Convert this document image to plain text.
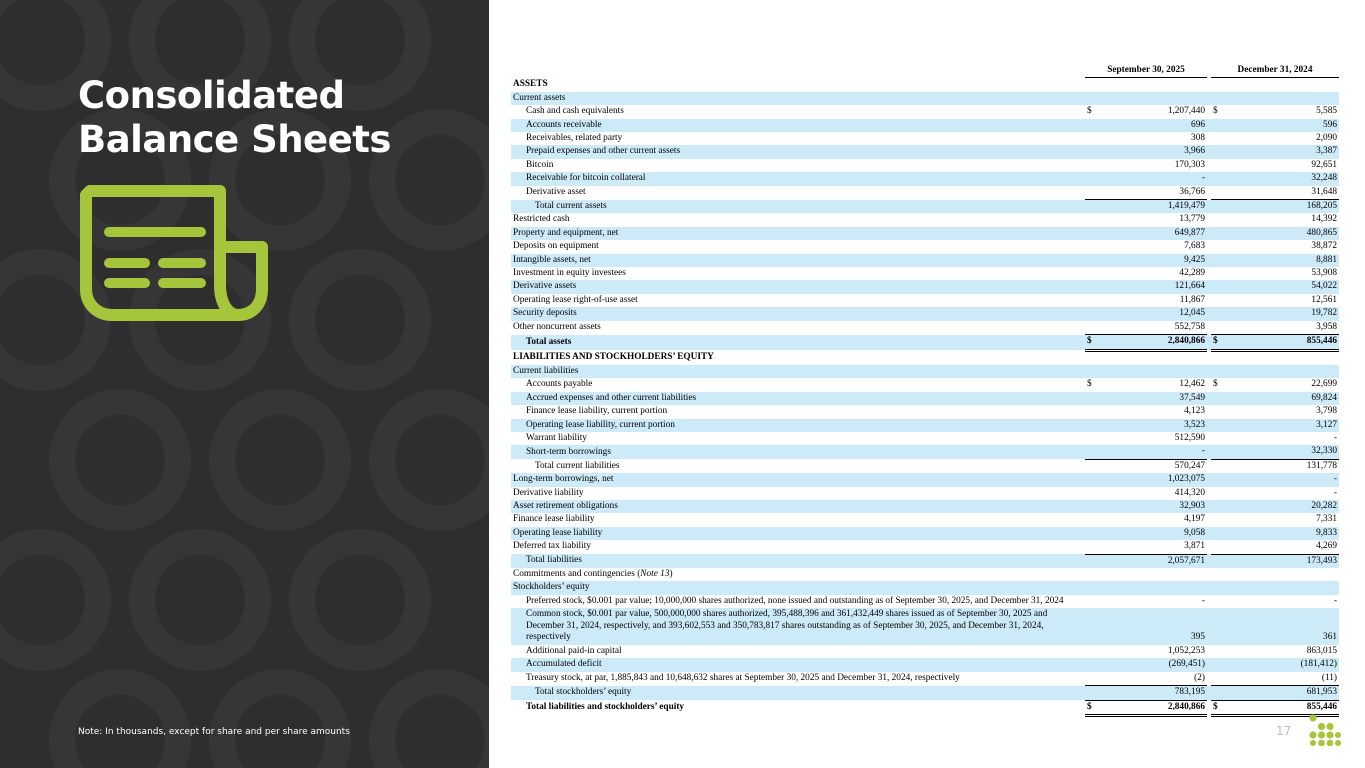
Consolidated
Balance Sheets
Note: In thousands, except for share and per share amounts
	September 30, 2025			December 31, 2024	
ASSETS					
Current assets					
Cash and cash equivalents	$	1,207,440		$	5,585
Accounts receivable		696			596
Receivables, related party		308			2,090
Prepaid expenses and other current assets		3,966			3,387
Bitcoin		170,303			92,651
Receivable for bitcoin collateral		-			32,248
Derivative asset		36,766			31,648
Total current assets		1,419,479			168,205
Restricted cash		13,779			14,392
Property and equipment, net		649,877			480,865
Deposits on equipment		7,683			38,872
Intangible assets, net		9,425			8,881
Investment in equity investees		42,289			53,908
Derivative assets		121,664			54,022
Operating lease right-of-use asset		11,867			12,561
Security deposits		12,045			19,782
Other noncurrent assets		552,758			3,958
Total assets	$	2,840,866		$	855,446
LIABILITIES AND STOCKHOLDERS’ EQUITY					
Current liabilities					
Accounts payable	$	12,462		$	22,699
Accrued expenses and other current liabilities		37,549			69,824
Finance lease liability, current portion		4,123			3,798
Operating lease liability, current portion		3,523			3,127
Warrant liability		512,590			-
Short-term borrowings		-			32,330
Total current liabilities		570,247			131,778
Long-term borrowings, net		1,023,075			-
Derivative liability		414,320			-
Asset retirement obligations		32,903			20,282
Finance lease liability		4,197			7,331
Operating lease liability		9,058			9,833
Deferred tax liability		3,871			4,269
Total liabilities		2,057,671			173,493
Commitments and contingencies (Note 13)					
Stockholders’ equity					
Preferred stock, $0.001 par value; 10,000,000 shares authorized, none issued and outstanding as of September 30, 2025, and December 31, 2024		-			-
Common stock, $0.001 par value, 500,000,000 shares authorized, 395,488,396 and 361,432,449 shares issued as of September 30, 2025 and December 31, 2024, respectively, and 393,602,553 and 350,783,817 shares outstanding as of September 30, 2025, and December 31, 2024, respectively		395			361
Additional paid-in capital		1,052,253			863,015
Accumulated deficit		(269,451)			(181,412)
Treasury stock, at par, 1,885,843 and 10,648,632 shares at September 30, 2025 and December 31, 2024, respectively		(2)			(11)
Total stockholders’ equity		783,195			681,953
Total liabilities and stockholders’ equity	$	2,840,866		$	855,446
17
